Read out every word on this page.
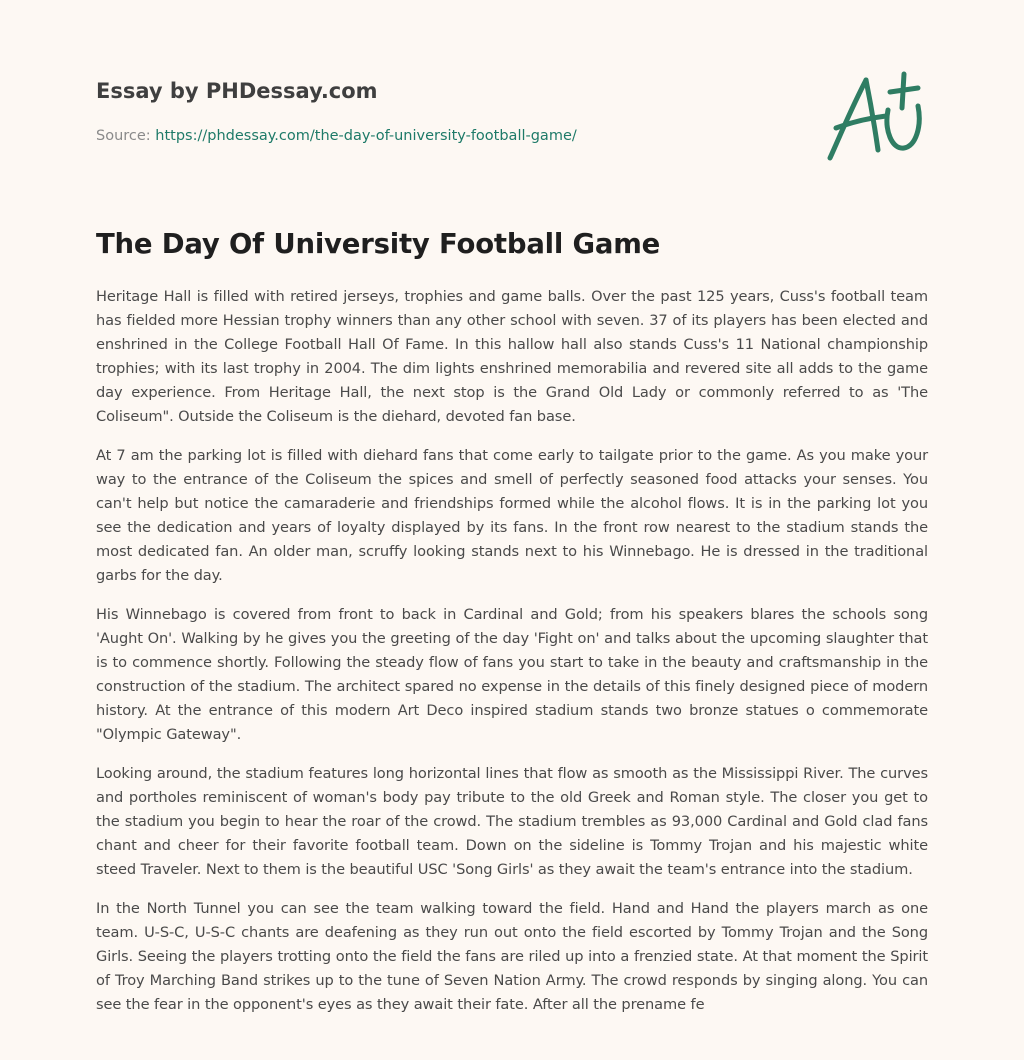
Essay by PHDessay.com
Source: https://phdessay.com/the-day-of-university-football-game/
The Day Of University Football Game

Heritage Hall is filled with retired jerseys, trophies and game balls. Over the past 125 years, Cuss's football team has fielded more Hessian trophy winners than any other school with seven. 37 of its players has been elected and enshrined in the College Football Hall Of Fame. In this hallow hall also stands Cuss's 11 National championship trophies; with its last trophy in 2004. The dim lights enshrined memorabilia and revered site all adds to the game day experience. From Heritage Hall, the next stop is the Grand Old Lady or commonly referred to as 'The Coliseum". Outside the Coliseum is the diehard, devoted fan base.

At 7 am the parking lot is filled with diehard fans that come early to tailgate prior to the game. As you make your way to the entrance of the Coliseum the spices and smell of perfectly seasoned food attacks your senses. You can't help but notice the camaraderie and friendships formed while the alcohol flows. It is in the parking lot you see the dedication and years of loyalty displayed by its fans. In the front row nearest to the stadium stands the most dedicated fan. An older man, scruffy looking stands next to his Winnebago. He is dressed in the traditional garbs for the day.

His Winnebago is covered from front to back in Cardinal and Gold; from his speakers blares the schools song 'Aught On'. Walking by he gives you the greeting of the day 'Fight on' and talks about the upcoming slaughter that is to commence shortly. Following the steady flow of fans you start to take in the beauty and craftsmanship in the construction of the stadium. The architect spared no expense in the details of this finely designed piece of modern history. At the entrance of this modern Art Deco inspired stadium stands two bronze statues o commemorate "Olympic Gateway".

Looking around, the stadium features long horizontal lines that flow as smooth as the Mississippi River. The curves and portholes reminiscent of woman's body pay tribute to the old Greek and Roman style. The closer you get to the stadium you begin to hear the roar of the crowd. The stadium trembles as 93,000 Cardinal and Gold clad fans chant and cheer for their favorite football team. Down on the sideline is Tommy Trojan and his majestic white steed Traveler. Next to them is the beautiful USC 'Song Girls' as they await the team's entrance into the stadium.

In the North Tunnel you can see the team walking toward the field. Hand and Hand the players march as one team. U-S-C, U-S-C chants are deafening as they run out onto the field escorted by Tommy Trojan and the Song Girls. Seeing the players trotting onto the field the fans are riled up into a frenzied state. At that moment the Spirit of Troy Marching Band strikes up to the tune of Seven Nation Army. The crowd responds by singing along. You can see the fear in the opponent's eyes as they await their fate. After all the prename fe
